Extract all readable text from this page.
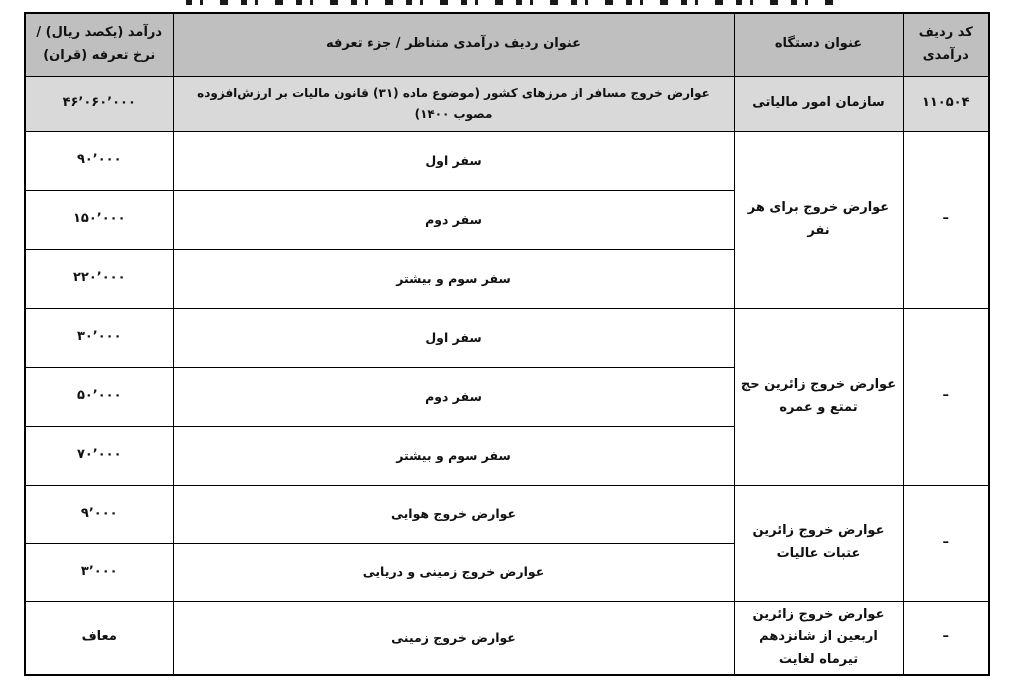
کد ردیف درآمدی	عنوان دستگاه	عنوان ردیف درآمدی متناظر / جزء تعرفه	درآمد (یکصد ریال) / نرخ تعرفه (قران)
۱۱۰۵۰۴	سازمان امور مالیاتی	عوارض خروج مسافر از مرزهای کشور (موضوع ماده (۳۱) قانون مالیات بر ارزش‌افزوده مصوب ۱۴۰۰)	۴۶٬۰۶۰٬۰۰۰
–	عوارض خروج برای هر نفر	سفر اول	۹۰٬۰۰۰
		سفر دوم	۱۵۰٬۰۰۰
		سفر سوم و بیشتر	۲۲۰٬۰۰۰
–	عوارض خروج زائرین حج تمتع و عمره	سفر اول	۳۰٬۰۰۰
		سفر دوم	۵۰٬۰۰۰
		سفر سوم و بیشتر	۷۰٬۰۰۰
–	عوارض خروج زائرین عتبات عالیات	عوارض خروج هوایی	۹٬۰۰۰
		عوارض خروج زمینی و دریایی	۳٬۰۰۰
–	عوارض خروج زائرین اربعین از شانزدهم تیرماه لغایت	عوارض خروج زمینی	معاف
